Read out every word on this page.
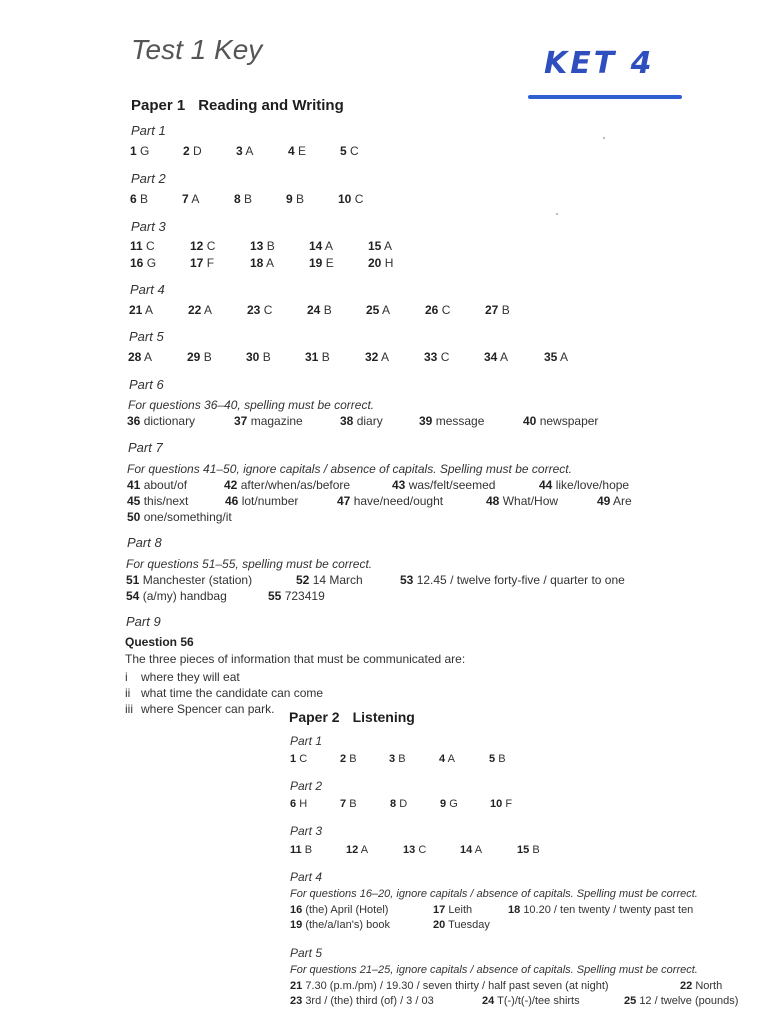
Test 1 Key	KET 4
Paper 1 Reading and Writing
Part 1
1 G	2 D	3 A	4 E	5 C
Part 2
6 B	7 A	8 B	9 B	10 C
Part 3
11 C	12 C	13 B	14 A	15 A
16 G	17 F	18 A	19 E	20 H
Part 4
21 A	22 A	23 C	24 B	25 A	26 C	27 B
Part 5
28 A	29 B	30 B	31 B	32 A	33 C	34 A	35 A
Part 6
For questions 36–40, spelling must be correct.
36 dictionary	37 magazine	38 diary	39 message	40 newspaper
Part 7
For questions 41–50, ignore capitals / absence of capitals. Spelling must be correct.
41 about/of	42 after/when/as/before	43 was/felt/seemed	44 like/love/hope
45 this/next	46 lot/number	47 have/need/ought	48 What/How	49 Are
50 one/something/it
Part 8
For questions 51–55, spelling must be correct.
51 Manchester (station)	52 14 March	53 12.45 / twelve forty-five / quarter to one
54 (a/my) handbag	55 723419
Part 9
Question 56
The three pieces of information that must be communicated are:
i where they will eat
ii what time the candidate can come
iii where Spencer can park. Paper 2 Listening
Part 1
1 C	2 B	3 B	4 A	5 B
Part 2
6 H	7 B	8 D	9 G	10 F
Part 3
11 B	12 A	13 C	14 A	15 B
Part 4
For questions 16–20, ignore capitals / absence of capitals. Spelling must be correct.
16 (the) April (Hotel)	17 Leith	18 10.20 / ten twenty / twenty past ten
19 (the/a/Ian's) book	20 Tuesday
Part 5
For questions 21–25, ignore capitals / absence of capitals. Spelling must be correct.
21 7.30 (p.m./pm) / 19.30 / seven thirty / half past seven (at night)	22 North
23 3rd / (the) third (of) / 3 / 03	24 T(-)/t(-)/tee shirts	25 12 / twelve (pounds)
